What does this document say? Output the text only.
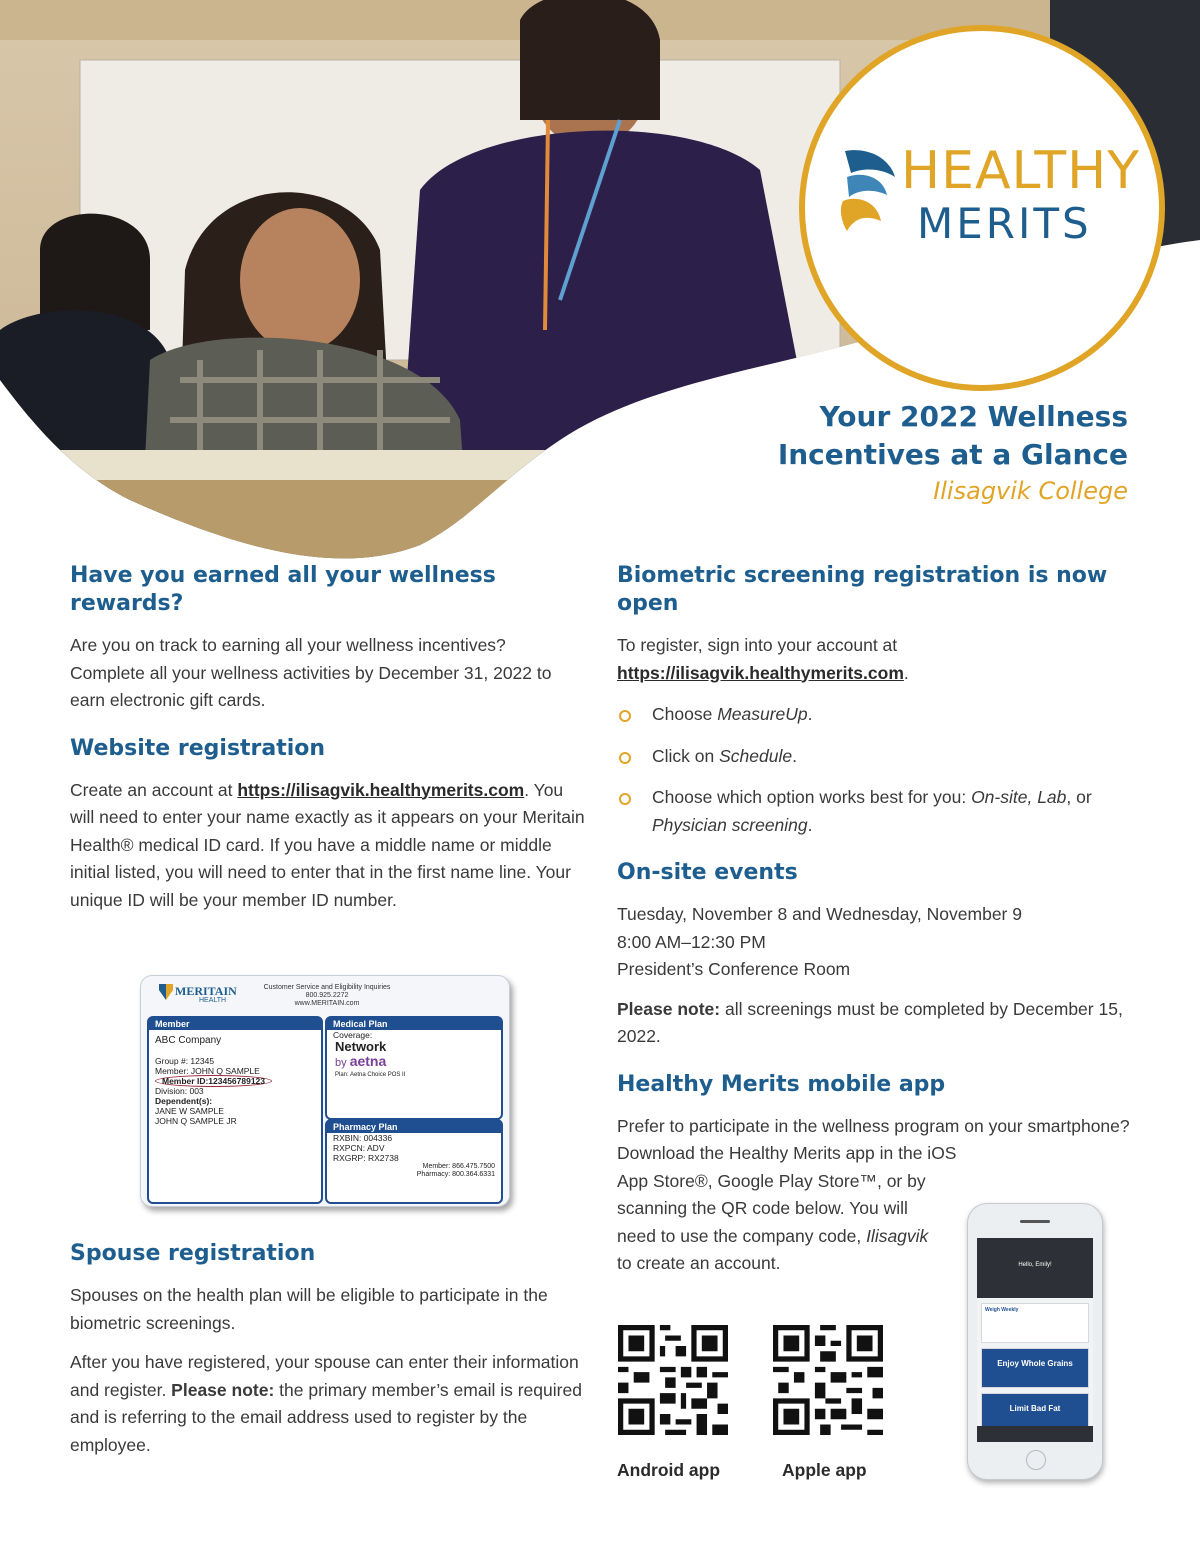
HEALTHY
MERITS
Your 2022 Wellness
Incentives at a Glance
Ilisagvik College
Have you earned all your wellness rewards?

Are you on track to earning all your wellness incentives? Complete all your wellness activities by December 31, 2022 to earn electronic gift cards.

Website registration

Create an account at https://ilisagvik.healthymerits.com. You will need to enter your name exactly as it appears on your Meritain Health® medical ID card. If you have a middle name or middle initial listed, you will need to enter that in the first name line. Your unique ID will be your member ID number.

MERITAIN
HEALTH
Customer Service and Eligibility Inquiries
800.925.2272
www.MERITAIN.com
Member
ABC Company
Group #: 12345
Member: JOHN Q SAMPLE
Member ID:123456789123
Division: 003
Dependent(s):
JANE W SAMPLE
JOHN Q SAMPLE JR
Medical Plan
Coverage:
Network
by aetna
Plan: Aetna Choice POS II
Pharmacy Plan
RXBIN: 004336
RXPCN: ADV
RXGRP: RX2738
Member: 866.475.7500
Pharmacy: 800.364.6331
Spouse registration

Spouses on the health plan will be eligible to participate in the biometric screenings.

After you have registered, your spouse can enter their information and register. Please note: the primary member’s email is required and is referring to the email address used to register by the employee.

Biometric screening registration is now open

To register, sign into your account at
https://ilisagvik.healthymerits.com.

Choose MeasureUp.
Click on Schedule.
Choose which option works best for you: On-site, Lab, or Physician screening.
On-site events

Tuesday, November 8 and Wednesday, November 9
8:00 AM–12:30 PM
President’s Conference Room

Please note: all screenings must be completed by December 15, 2022.

Healthy Merits mobile app

Prefer to participate in the wellness program on your smartphone? Download the Healthy Merits app in the iOS

App Store®, Google Play Store™, or by scanning the QR code below. You will need to use the company code, Ilisagvik to create an account.

Android app	Apple app
Hello, Emily!
Weigh Weekly
Enjoy Whole Grains
Limit Bad Fat
